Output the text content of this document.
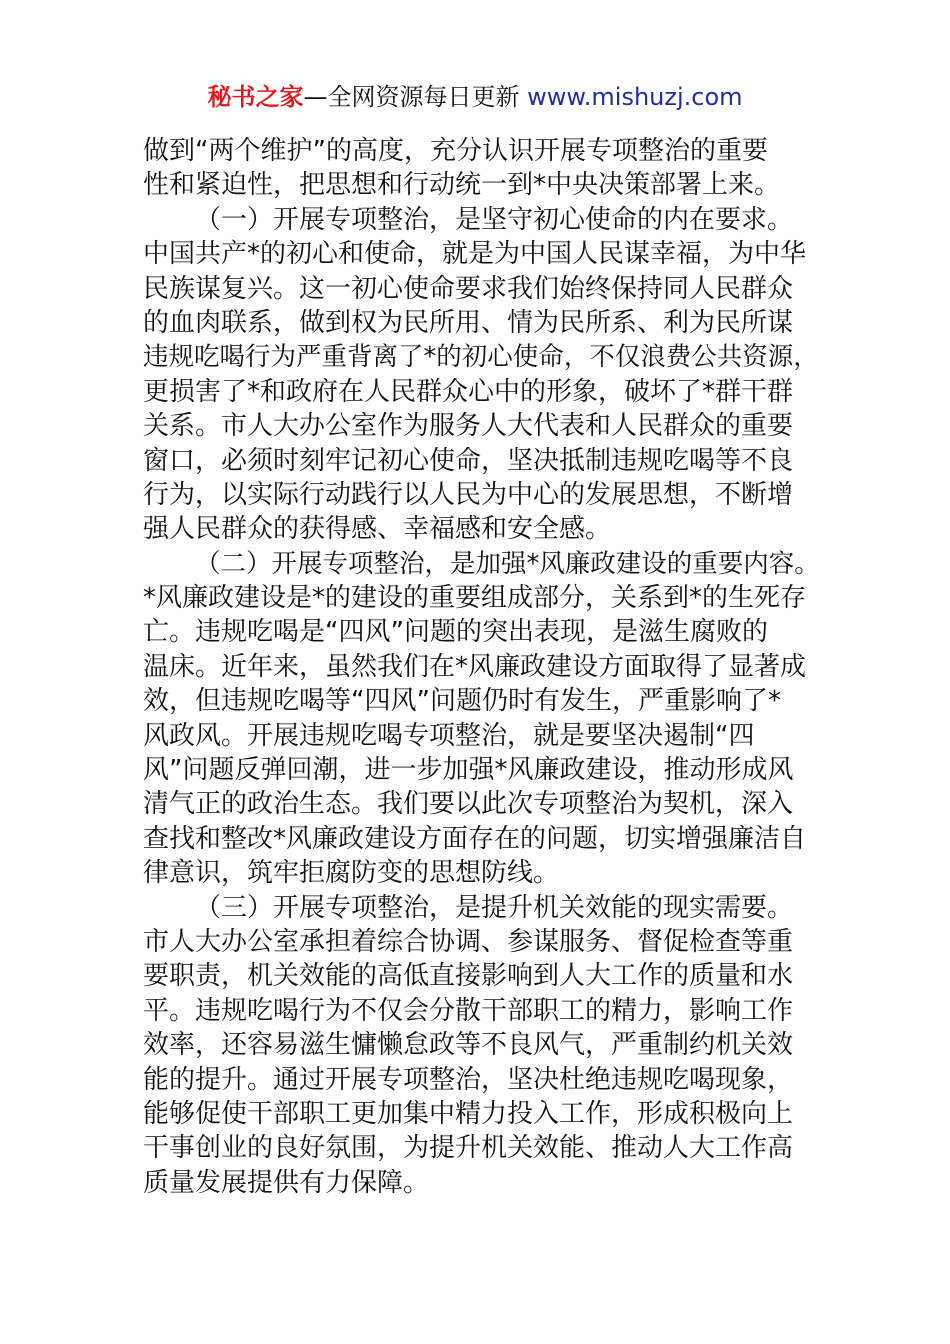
秘书之家—全网资源每日更新 www.mishuzj.com
做到“两个维护”的高度，充分认识开展专项整治的重要
性和紧迫性，把思想和行动统一到*中央决策部署上来。
（一）开展专项整治，是坚守初心使命的内在要求。
中国共产*的初心和使命，就是为中国人民谋幸福，为中华
民族谋复兴。这一初心使命要求我们始终保持同人民群众
的血肉联系，做到权为民所用、情为民所系、利为民所谋
违规吃喝行为严重背离了*的初心使命，不仅浪费公共资源，
更损害了*和政府在人民群众心中的形象，破坏了*群干群
关系。市人大办公室作为服务人大代表和人民群众的重要
窗口，必须时刻牢记初心使命，坚决抵制违规吃喝等不良
行为，以实际行动践行以人民为中心的发展思想，不断增
强人民群众的获得感、幸福感和安全感。
（二）开展专项整治，是加强*风廉政建设的重要内容。
*风廉政建设是*的建设的重要组成部分，关系到*的生死存
亡。违规吃喝是“四风”问题的突出表现，是滋生腐败的
温床。近年来，虽然我们在*风廉政建设方面取得了显著成
效，但违规吃喝等“四风”问题仍时有发生，严重影响了*
风政风。开展违规吃喝专项整治，就是要坚决遏制“四
风”问题反弹回潮，进一步加强*风廉政建设，推动形成风
清气正的政治生态。我们要以此次专项整治为契机，深入
查找和整改*风廉政建设方面存在的问题，切实增强廉洁自
律意识，筑牢拒腐防变的思想防线。
（三）开展专项整治，是提升机关效能的现实需要。
市人大办公室承担着综合协调、参谋服务、督促检查等重
要职责，机关效能的高低直接影响到人大工作的质量和水
平。违规吃喝行为不仅会分散干部职工的精力，影响工作
效率，还容易滋生慵懒怠政等不良风气，严重制约机关效
能的提升。通过开展专项整治，坚决杜绝违规吃喝现象，
能够促使干部职工更加集中精力投入工作，形成积极向上
干事创业的良好氛围，为提升机关效能、推动人大工作高
质量发展提供有力保障。
